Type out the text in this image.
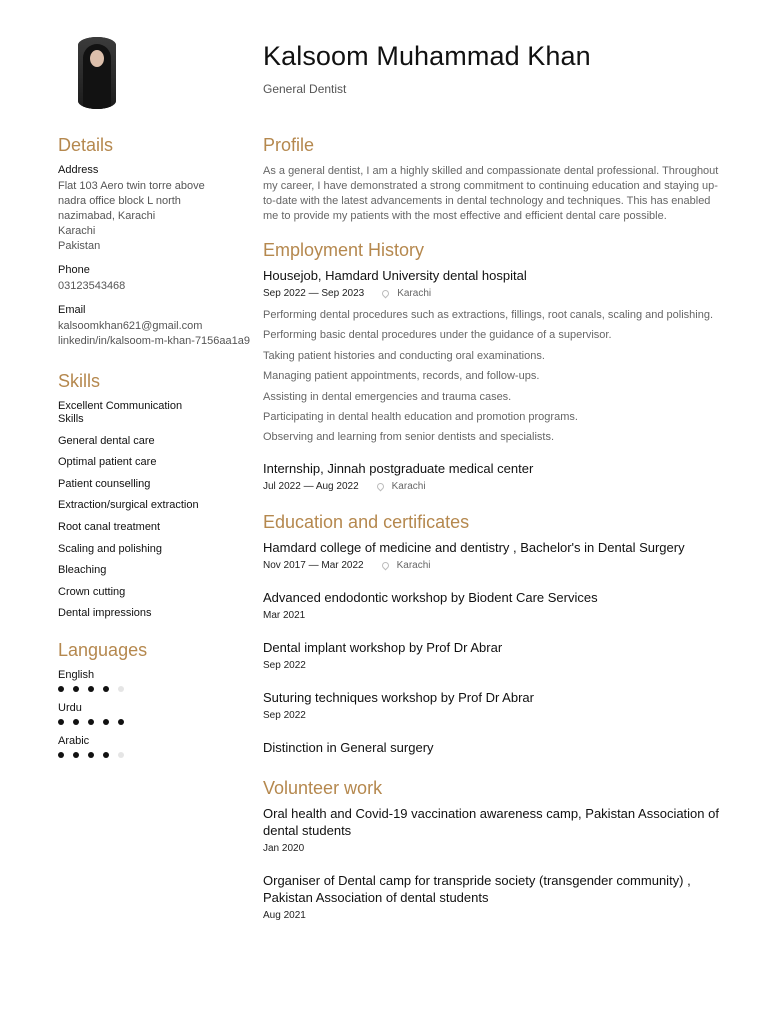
Kalsoom Muhammad Khan
General Dentist
Details
Address
Flat 103 Aero twin torre above
nadra office block L north
nazimabad, Karachi
Karachi
Pakistan
Phone
03123543468
Email
kalsoomkhan621@gmail.com
linkedin/in/kalsoom-m-khan-7156aa1a9
Skills
Excellent Communication Skills
General dental care
Optimal patient care
Patient counselling
Extraction/surgical extraction
Root canal treatment
Scaling and polishing
Bleaching
Crown cutting
Dental impressions
Languages
English
Urdu
Arabic
Profile

As a general dentist, I am a highly skilled and compassionate dental professional. Throughout my career, I have demonstrated a strong commitment to continuing education and staying up-to-date with the latest advancements in dental technology and techniques. This has enabled me to provide my patients with the most effective and efficient dental care possible.

Employment History
Housejob, Hamdard University dental hospital
Sep 2022 — Sep 2023	Karachi
Performing dental procedures such as extractions, fillings, root canals, scaling and polishing.
Performing basic dental procedures under the guidance of a supervisor.
Taking patient histories and conducting oral examinations.
Managing patient appointments, records, and follow-ups.
Assisting in dental emergencies and trauma cases.
Participating in dental health education and promotion programs.
Observing and learning from senior dentists and specialists.
Internship, Jinnah postgraduate medical center
Jul 2022 — Aug 2022	Karachi
Education and certificates
Hamdard college of medicine and dentistry , Bachelor's in Dental Surgery
Nov 2017 — Mar 2022	Karachi
Advanced endodontic workshop by Biodent Care Services
Mar 2021
Dental implant workshop by Prof Dr Abrar
Sep 2022
Suturing techniques workshop by Prof Dr Abrar
Sep 2022
Distinction in General surgery
Volunteer work
Oral health and Covid-19 vaccination awareness camp, Pakistan Association of dental students
Jan 2020
Organiser of Dental camp for transpride society (transgender community) , Pakistan Association of dental students
Aug 2021
